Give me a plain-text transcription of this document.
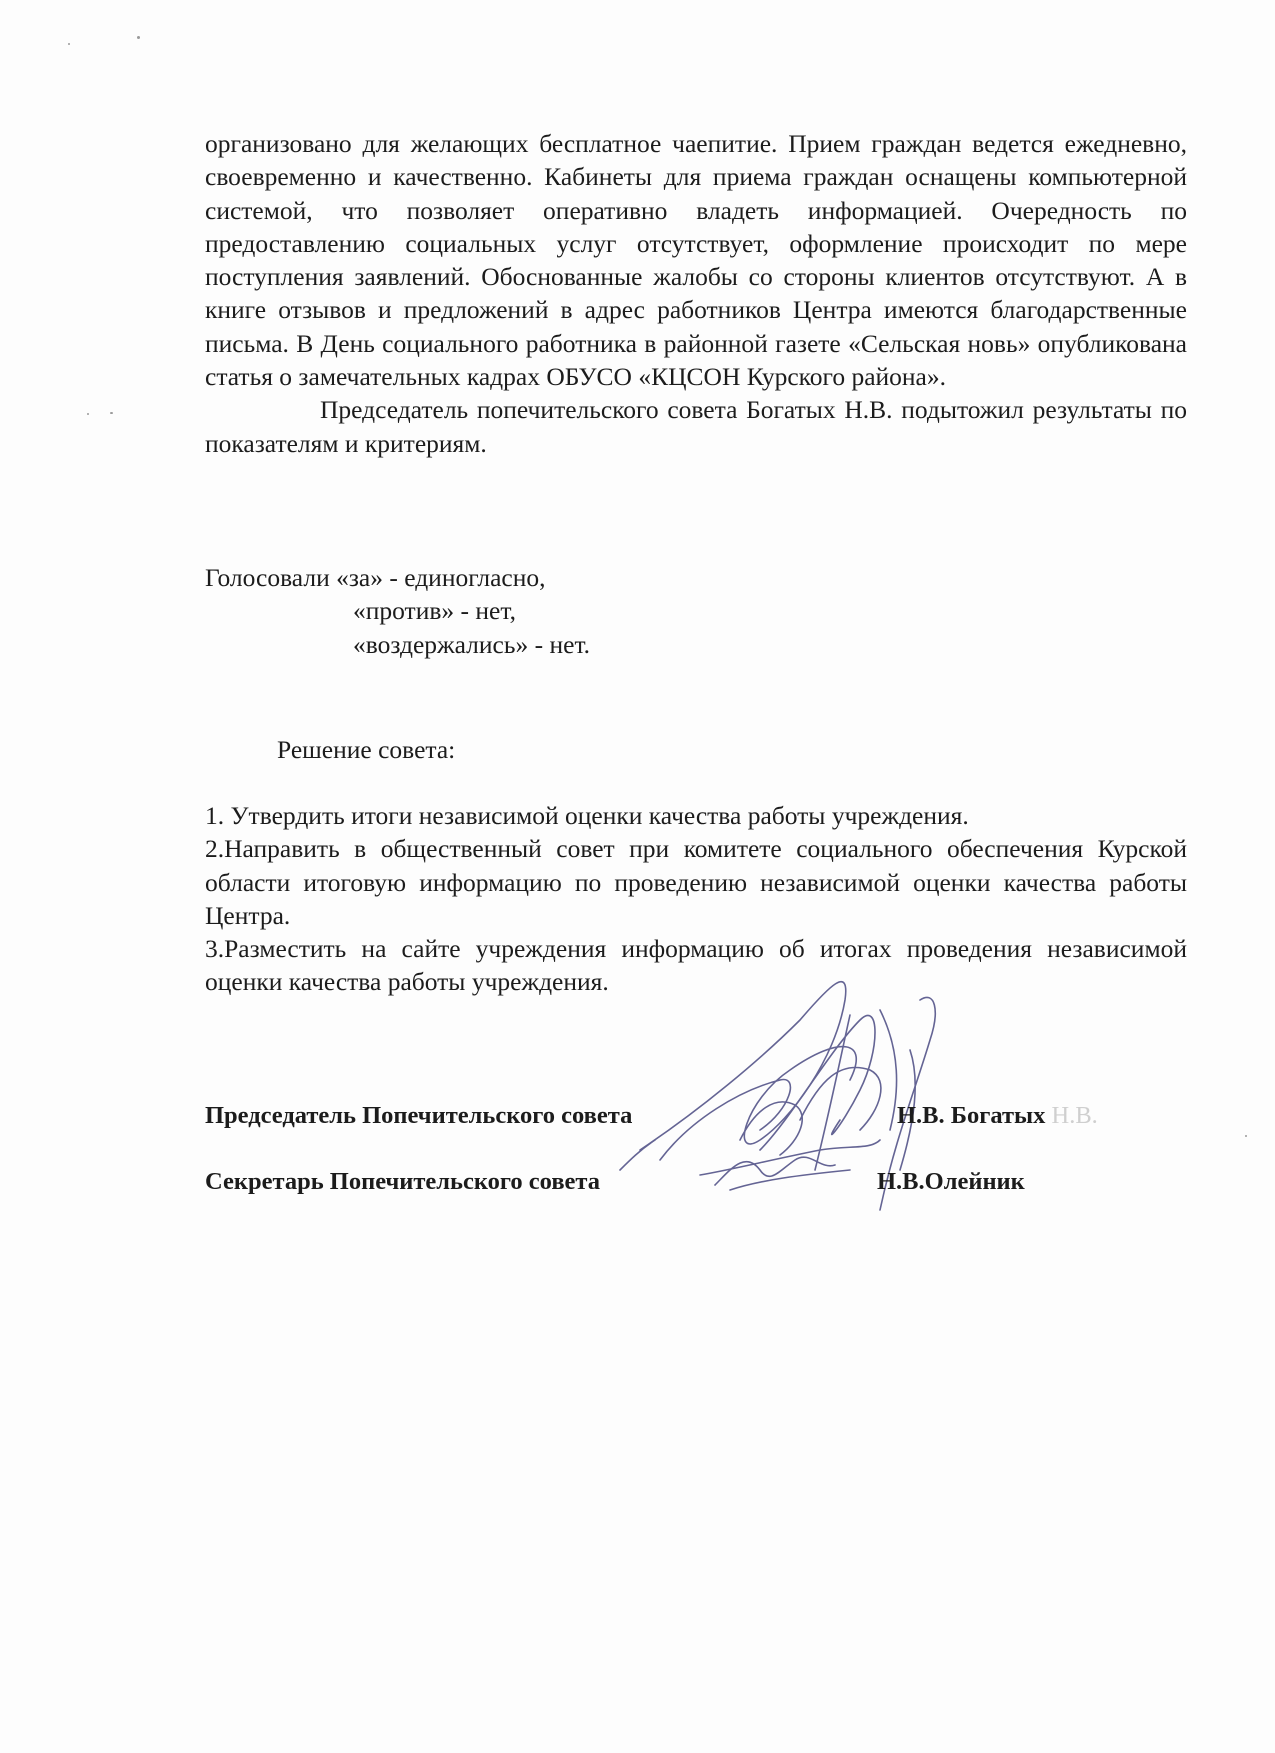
организовано для желающих бесплатное чаепитие. Прием граждан ведется ежедневно, своевременно и качественно. Кабинеты для приема граждан оснащены компьютерной системой, что позволяет оперативно владеть информацией. Очередность по предоставлению социальных услуг отсутствует, оформление происходит по мере поступления заявлений. Обоснованные жалобы со стороны клиентов отсутствуют. А в книге отзывов и предложений в адрес работников Центра имеются благодарственные письма. В День социального работника в районной газете «Сельская новь» опубликована статья о замечательных кадрах ОБУСО «КЦСОН Курского района».

Председатель попечительского совета Богатых Н.В. подытожил результаты по показателям и критериям.

Голосовали «за» - единогласно,

«против» - нет,

«воздержались» - нет.

Решение совета:

1. Утвердить итоги независимой оценки качества работы учреждения.

2.Направить в общественный совет при комитете социального обеспечения Курской области итоговую информацию по проведению независимой оценки качества работы Центра.

3.Разместить на сайте учреждения информацию об итогах проведения независимой оценки качества работы учреждения.

Председатель Попечительского совета	Н.В. Богатых Н.В.
Секретарь Попечительского совета	Н.В.Олейник
